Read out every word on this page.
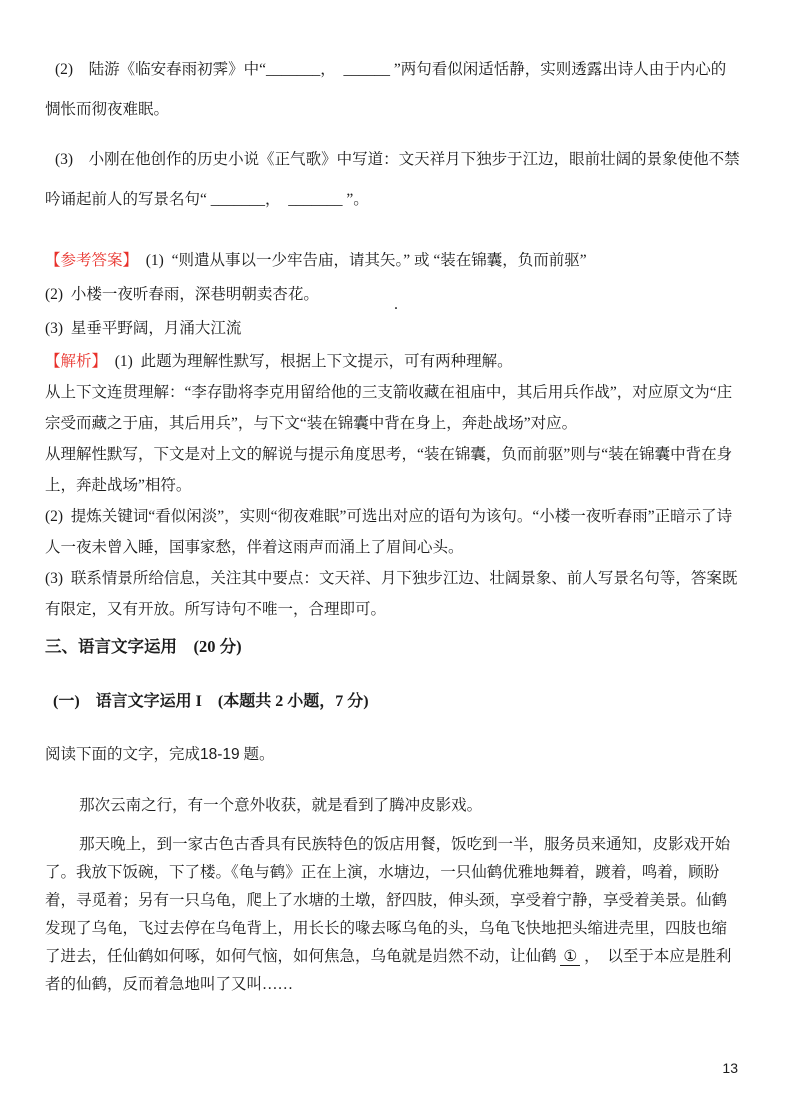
(2)　陆游《临安春雨初霁》中“_______，　______ ”两句看似闲适恬静，实则透露出诗人由于内心的惆怅而彻夜难眠。

(3)　小刚在他创作的历史小说《正气歌》中写道：文天祥月下独步于江边，眼前壮阔的景象使他不禁吟诵起前人的写景名句“ _______，　_______ ”。

【参考答案】  (1)  “则遣从事以一少牢告庙，请其矢。” 或 “装在锦囊，负而前驱”

(2)  小楼一夜听春雨，深巷明朝卖杏花。

(3)  星垂平野阔，月涌大江流

【解析】  (1)  此题为理解性默写，根据上下文提示，可有两种理解。

从上下文连贯理解：“李存勖将李克用留给他的三支箭收藏在祖庙中，其后用兵作战”，对应原文为“庄宗受而藏之于庙，其后用兵”，与下文“装在锦囊中背在身上，奔赴战场”对应。

从理解性默写，下文是对上文的解说与提示角度思考，“装在锦囊，负而前驱”则与“装在锦囊中背在身上，奔赴战场”相符。

(2)  提炼关键词“看似闲淡”，实则“彻夜难眠”可选出对应的语句为该句。“小楼一夜听春雨”正暗示了诗人一夜未曾入睡，国事家愁，伴着这雨声而涌上了眉间心头。

(3)  联系情景所给信息，关注其中要点：文天祥、月下独步江边、壮阔景象、前人写景名句等，答案既有限定，又有开放。所写诗句不唯一，合理即可。

三、语言文字运用　(20 分)

(一)　语言文字运用 I　(本题共 2 小题，7 分)

阅读下面的文字，完成18-19 题。

那次云南之行，有一个意外收获，就是看到了腾冲皮影戏。

那天晚上，到一家古色古香具有民族特色的饭店用餐，饭吃到一半，服务员来通知，皮影戏开始了。我放下饭碗，下了楼。《龟与鹤》正在上演，水塘边，一只仙鹤优雅地舞着，踱着，鸣着，顾盼着，寻觅着；另有一只乌龟，爬上了水塘的土墩，舒四肢，伸头颈，享受着宁静，享受着美景。仙鹤发现了乌龟，飞过去停在乌龟背上，用长长的喙去啄乌龟的头，乌龟飞快地把头缩进壳里，四肢也缩了进去，任仙鹤如何啄，如何气恼，如何焦急，乌龟就是岿然不动，让仙鹤 ① ，　以至于本应是胜利者的仙鹤，反而着急地叫了又叫……

.
13
